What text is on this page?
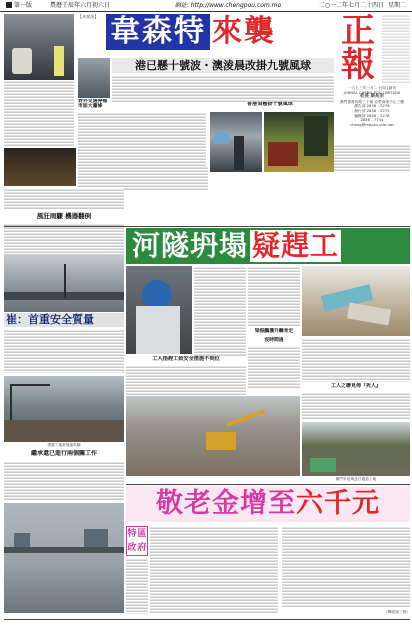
第一版	農曆壬辰年六月初六日	網址: http://www.chengpou.com.mo	二○一二年七月二十四日 星期二
【本報訊】 韋森特 來襲 正
報
一九七三年一月二十四日創刊
JORNAL CHENG POU LIMITADA
社長 蔡兆宗
澳門提督馬路三十號 信榮商業中心三樓
廣告部 2856 - 2276
發行部 2856 - 2275
編輯部 2856 - 2278
2856 - 7744
cheng@macau.ctm.net
港已懸十號波・澳淩晨改掛九號風球
對外交通停頓 市面大蕭條	香港須懸掛十號風球
風狂雨驟 機器翻倒
崔：首重安全質量
建築工地被強風吹翻
繼承還已進行兩個關工作
河隧坍塌 疑趕工
梁振鵬獲升鋼肯定
沒時間過
工人指趕工致安全措施不到位
工人之聯見佈『死人』
澳門半島與氹仔通道工地
敬老金增至 六千元
特 區
政 府
（轉看第三版）
